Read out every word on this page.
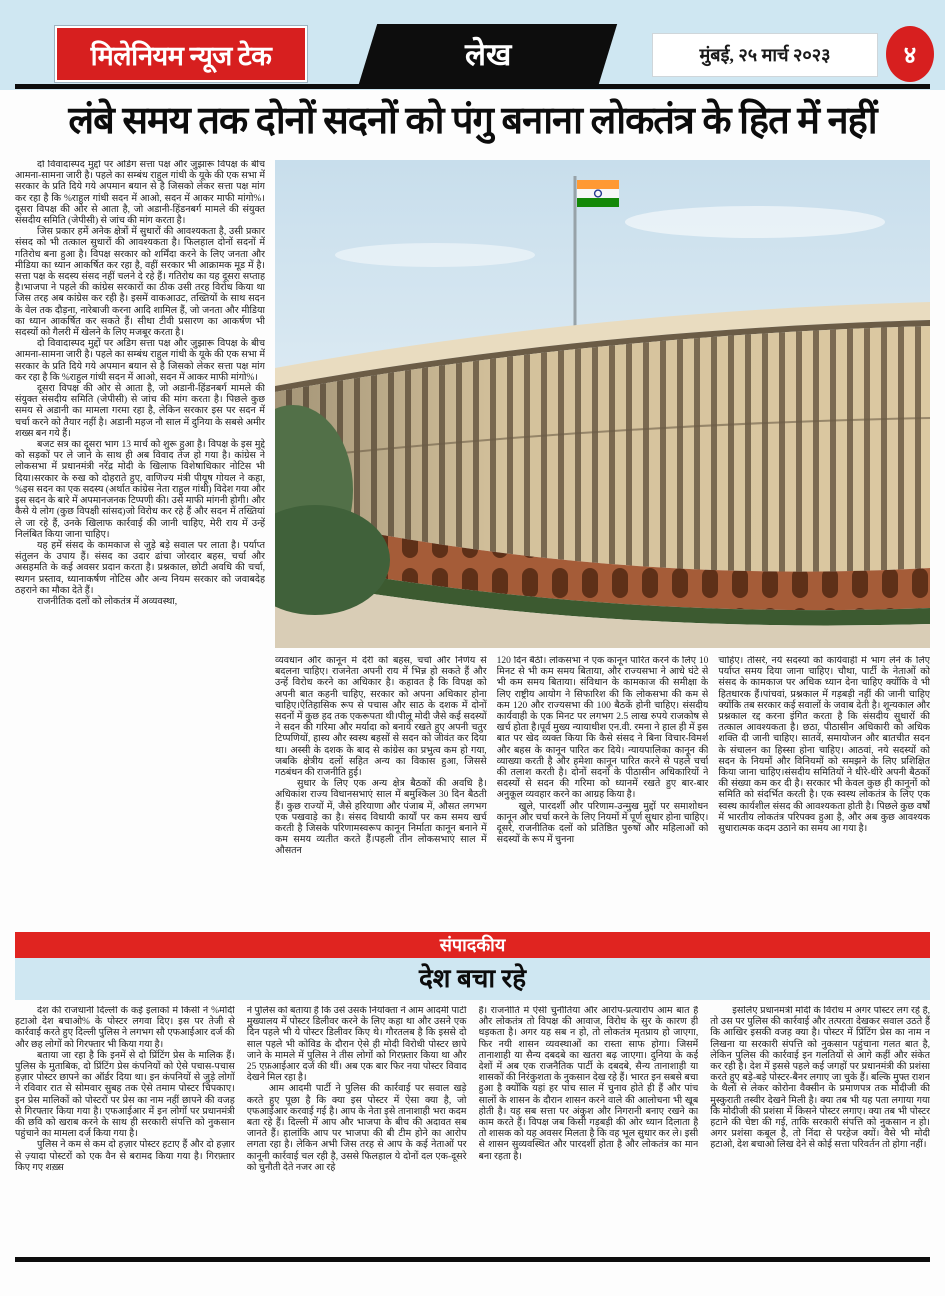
मिलेनियम न्यूज टेक	लेख	मुंबई, २५ मार्च २०२३	४
लंबे समय तक दोनों सदनों को पंगु बनाना लोकतंत्र के हित में नहीं

दो विवादास्पद मुद्दों पर अडिग सत्ता पक्ष और जुझारू विपक्ष के बीच आमना-सामना जारी है। पहले का सम्बंध राहुल गांधी के यूके की एक सभा में सरकार के प्रति दिये गये अपमान बयान से है जिसको लेकर सत्ता पक्ष मांग कर रहा है कि %राहुल गांधी सदन में आओ, सदन में आकर माफी मांगो%। दूसरा विपक्ष की ओर से आता है, जो अडानी-हिंडनबर्ग मामले की संयुक्त संसदीय समिति (जेपीसी) से जांच की मांग करता है।

जिस प्रकार हमें अनेक क्षेत्रों में सुधारों की आवश्यकता है, उसी प्रकार संसद को भी तत्काल सुधारों की आवश्यकता है। फिलहाल दोनों सदनों में गतिरोध बना हुआ है। विपक्ष सरकार को शर्मिंदा करने के लिए जनता और मीडिया का ध्यान आकर्षित कर रहा है, वहीं सरकार भी आक्रामक मूड में है। सत्ता पक्ष के सदस्य संसद नहीं चलने दे रहे हैं। गतिरोध का यह दूसरा सप्ताह है।भाजपा ने पहले की कांग्रेस सरकारों का ठीक उसी तरह विरोध किया था जिस तरह अब कांग्रेस कर रही है। इसमें वाकआउट, तख्तियों के साथ सदन के वेल तक दौड़ना, नारेबाजी करना आदि शामिल हैं, जो जनता और मीडिया का ध्यान आकर्षित कर सकते हैं। सीधा टीवी प्रसारण का आकर्षण भी सदस्यों को गैलरी में खेलने के लिए मजबूर करता है।

दो विवादास्पद मुद्दों पर अडिग सत्ता पक्ष और जुझारू विपक्ष के बीच आमना-सामना जारी है। पहले का सम्बंध राहुल गांधी के यूके की एक सभा में सरकार के प्रति दिये गये अपमान बयान से है जिसको लेकर सत्ता पक्ष मांग कर रहा है कि %राहुल गांधी सदन में आओ, सदन में आकर माफी मांगो%।

दूसरा विपक्ष की ओर से आता है, जो अडानी-हिंडनबर्ग मामले की संयुक्त संसदीय समिति (जेपीसी) से जांच की मांग करता है। पिछले कुछ समय से अडानी का मामला गरमा रहा है, लेकिन सरकार इस पर सदन में चर्चा करने को तैयार नहीं है। अडानी महज नौ साल में दुनिया के सबसे अमीर शख्स बन गये हैं।

बजट सत्र का दूसरा भाग 13 मार्च को शुरू हुआ है। विपक्ष के इस मुद्दे को सड़कों पर ले जाने के साथ ही अब विवाद तेज हो गया है। कांग्रेस ने लोकसभा में प्रधानमंत्री नरेंद्र मोदी के खिलाफ विशेषाधिकार नोटिस भी दिया।सरकार के रुख को दोहराते हुए, वाणिज्य मंत्री पीयूष गोयल ने कहा, %इस सदन का एक सदस्य (अर्थात कांग्रेस नेता राहुल गांधी) विदेश गया और इस सदन के बारे में अपमानजनक टिप्पणी की। उसे माफी मांगनी होगी। और कैसे ये लोग (कुछ विपक्षी सांसद)जो विरोध कर रहे हैं और सदन में तख्तियां ले जा रहे हैं, उनके खिलाफ कार्रवाई की जानी चाहिए, मेरी राय में उन्हें निलंबित किया जाना चाहिए।

यह हमें संसद के कामकाज से जुड़े बड़े सवाल पर लाता है। पर्याप्त संतुलन के उपाय हैं। संसद का उदार ढांचा जोरदार बहस, चर्चा और असहमति के कई अवसर प्रदान करता है। प्रश्नकाल, छोटी अवधि की चर्चा, स्थगन प्रस्ताव, ध्यानाकर्षण नोटिस और अन्य नियम सरकार को जवाबदेह ठहराने का मौका देते हैं।

राजनीतिक दलों को लोकतंत्र में अव्यवस्था,

व्यवधान और कानून में देरी को बहस, चर्चा और निर्णय से बदलना चाहिए। राजनेता अपनी राय में भिन्न हो सकते हैं और उन्हें विरोध करने का अधिकार है। कहावत है कि विपक्ष को अपनी बात कहनी चाहिए, सरकार को अपना अधिकार होना चाहिए।ऐतिहासिक रूप से पचास और साठ के दशक में दोनों सदनों में कुछ हद तक एकरूपता थी।पीलू मोदी जैसे कई सदस्यों ने सदन की गरिमा और मर्यादा को बनाये रखते हुए अपनी चतुर टिप्पणियों, हास्य और स्वस्थ बहसों से सदन को जीवंत कर दिया था। अस्सी के दशक के बाद से कांग्रेस का प्रभुत्व कम हो गया, जबकि क्षेत्रीय दलों सहित अन्य का विकास हुआ, जिससे गठबंधन की राजनीति हुई।

सुधार के लिए एक अन्य क्षेत्र बैठकों की अवधि है। अधिकांश राज्य विधानसभाएं साल में बमुश्किल 30 दिन बैठती हैं। कुछ राज्यों में, जैसे हरियाणा और पंजाब में, औसत लगभग एक पखवाड़े का है। संसद विधायी कार्यों पर कम समय खर्च करती है जिसके परिणामस्वरूप कानून निर्माता कानून बनाने में कम समय व्यतीत करते हैं।पहली तीन लोकसभाएं साल में औसतन

120 दिन बैठीं। लोकसभा ने एक कानून पारित करने के लिए 10 मिनट से भी कम समय बिताया, और राज्यसभा ने आधे घंटे से भी कम समय बिताया। संविधान के कामकाज की समीक्षा के लिए राष्ट्रीय आयोग ने सिफारिश की कि लोकसभा की कम से कम 120 और राज्यसभा की 100 बैठकें होनी चाहिए। संसदीय कार्यवाही के एक मिनट पर लगभग 2.5 लाख रुपये राजकोष से खर्च होता है।पूर्व मुख्य न्यायाधीश एन.वी. रमना ने हाल ही में इस बात पर खेद व्यक्त किया कि कैसे संसद ने बिना विचार-विमर्श और बहस के कानून पारित कर दिये। न्यायपालिका कानून की व्याख्या करती है और हमेशा कानून पारित करने से पहले चर्चा की तलाश करती है। दोनों सदनों के पीठासीन अधिकारियों ने सदस्यों से सदन की गरिमा को ध्यानमें रखते हुए बार-बार अनुकूल व्यवहार करने का आग्रह किया है।

खुले, पारदर्शी और परिणाम-उन्मुख मुद्दों पर समाशोधन कानून और चर्चा करने के लिए नियमों में पूर्ण सुधार होना चाहिए। दूसरे, राजनीतिक दलों को प्रतिष्ठित पुरुषों और महिलाओं को सदस्यों के रूप में चुनना

चाहिए। तीसरे, नये सदस्यों को कार्यवाही में भाग लेने के लिए पर्याप्त समय दिया जाना चाहिए। चौथा, पार्टी के नेताओं को संसद के कामकाज पर अधिक ध्यान देना चाहिए क्योंकि वे भी हितधारक हैं।पांचवां, प्रश्नकाल में गड़बड़ी नहीं की जानी चाहिए क्योंकि तब सरकार कई सवालों के जवाब देती है। शून्यकाल और प्रश्नकाल रद्द करना इंगित करता है कि संसदीय सुधारों की तत्काल आवश्यकता है। छठा, पीठासीन अधिकारी को अधिक शक्ति दी जानी चाहिए। सातवें, समायोजन और बातचीत सदन के संचालन का हिस्सा होना चाहिए। आठवां, नये सदस्यों को सदन के नियमों और विनियमों को समझने के लिए प्रशिक्षित किया जाना चाहिए।संसदीय समितियों ने धीरे-धीरे अपनी बैठकों की संख्या कम कर दी है। सरकार भी केवल कुछ ही कानूनों को समिति को संदर्भित करती है। एक स्वस्थ लोकतंत्र के लिए एक स्वस्थ कार्यशील संसद की आवश्यकता होती है। पिछले कुछ वर्षों में भारतीय लोकतंत्र परिपक्व हुआ है, और अब कुछ आवश्यक सुधारात्मक कदम उठाने का समय आ गया है।

संपादकीय
देश बचा रहे

देश की राजधानी दिल्ली के कई इलाकों में किसी ने %मोदी हटाओ देश बचाओ% के पोस्टर लगवा दिए। इस पर तेजी से कार्रवाई करते हुए दिल्ली पुलिस ने लगभग सौ एफआईआर दर्ज की और छह लोगों को गिरफ्तार भी किया गया है।

बताया जा रहा है कि इनमें से दो प्रिंटिंग प्रेस के मालिक हैं। पुलिस के मुताबिक, दो प्रिंटिंग प्रेस कंपनियों को ऐसे पचास-पचास हज़ार पोस्टर छापने का ऑर्डर दिया था। इन कंपनियों से जुड़े लोगों ने रविवार रात से सोमवार सुबह तक ऐसे तमाम पोस्टर चिपकाए।इन प्रेस मालिकों को पोस्टरों पर प्रेस का नाम नहीं छापने की वजह से गिरफ्तार किया गया है। एफआईआर में इन लोगों पर प्रधानमंत्री की छवि को खराब करने के साथ ही सरकारी संपत्ति को नुकसान पहुंचाने का मामला दर्ज किया गया है।

पुलिस ने कम से कम दो हज़ार पोस्टर हटाए हैं और दो हज़ार से ज़्यादा पोस्टरों को एक वैन से बरामद किया गया है। गिरफ़्तार किए गए शख़्स

ने पुलिस को बताया है कि उसे उसके नियोक्ता ने आम आदमी पार्टी मुख्यालय में पोस्टर डिलीवर करने के लिए कहा था और उसने एक दिन पहले भी ये पोस्टर डिलीवर किए थे। गौरतलब है कि इससे दो साल पहले भी कोविड के दौरान ऐसे ही मोदी विरोधी पोस्टर छापे जाने के मामले में पुलिस ने तीस लोगों को गिरफ़्तार किया था और 25 एफ़आईआर दर्ज की थीं। अब एक बार फिर नया पोस्टर विवाद देखने मिल रहा है।

आम आदमी पार्टी ने पुलिस की कार्रवाई पर सवाल खड़े करते हुए पूछा है कि क्या इस पोस्टर में ऐसा क्या है, जो एफआईआर करवाई गई है। आप के नेता इसे तानाशाही भरा कदम बता रहे हैं। दिल्ली में आप और भाजपा के बीच की अदावत सब जानते हैं। हालांकि आप पर भाजपा की बी टीम होने का आरोप लगता रहा है। लेकिन अभी जिस तरह से आप के कई नेताओं पर कानूनी कार्रवाई चल रही है, उससे फिलहाल ये दोनों दल एक-दूसरे को चुनौती देते नजर आ रहे

हैं। राजनीति में ऐसी चुनौतियां और आरोप-प्रत्यारोप आम बात हैं और लोकतंत्र तो विपक्ष की आवाज, विरोध के सुर के कारण ही धड़कता है। अगर यह सब न हो, तो लोकतंत्र मृतप्राय हो जाएगा, फिर नयी शासन व्यवस्थाओं का रास्ता साफ होगा। जिसमें तानाशाही या सैन्य दबदबे का खतरा बढ़ जाएगा। दुनिया के कई देशों में अब एक राजनैतिक पार्टी के दबदबे, सैन्य तानाशाही या शासकों की निरंकुशता के नुकसान देख रहे हैं। भारत इन सबसे बचा हुआ है क्योंकि यहां हर पांच साल में चुनाव होते ही हैं और पांच सालों के शासन के दौरान शासन करने वाले की आलोचना भी खूब होती है। यह सब सत्ता पर अंकुश और निगरानी बनाए रखने का काम करते हैं। विपक्ष जब किसी गड़बड़ी की ओर ध्यान दिलाता है तो शासक को यह अवसर मिलता है कि वह भूल सुधार कर ले। इसी से शासन सुव्यवस्थित और पारदर्शी होता है और लोकतंत्र का मान बना रहता है।

इसलिए प्रधानमंत्री मोदी के विरोध में अगर पोस्टर लग रहे हैं, तो उस पर पुलिस की कार्रवाई और तत्परता देखकर सवाल उठते हैं कि आखिर इसकी वजह क्या है। पोस्टर में प्रिंटिंग प्रेस का नाम न लिखना या सरकारी संपत्ति को नुकसान पहुंचाना गलत बात है, लेकिन पुलिस की कार्रवाई इन गलतियों से आगे कहीं और संकेत कर रही है। देश में इससे पहले कई जगहों पर प्रधानमंत्री की प्रशंसा करते हुए बड़े-बड़े पोस्टर-बैनर लगाए जा चुके हैं। बल्कि मुफ्त राशन के थैलों से लेकर कोरोना वैक्सीन के प्रमाणपत्र तक मोदीजी की मुस्कुराती तस्वीर देखने मिली है। क्या तब भी यह पता लगाया गया कि मोदीजी की प्रशंसा में किसने पोस्टर लगाए। क्या तब भी पोस्टर हटाने की चेष्टा की गई, ताकि सरकारी संपत्ति को नुकसान न हो। अगर प्रशंसा कबूल है, तो निंदा से परहेज क्यों। वैसे भी मोदी हटाओ, देश बचाओ लिख देने से कोई सत्ता परिवर्तन तो होगा नहीं।
